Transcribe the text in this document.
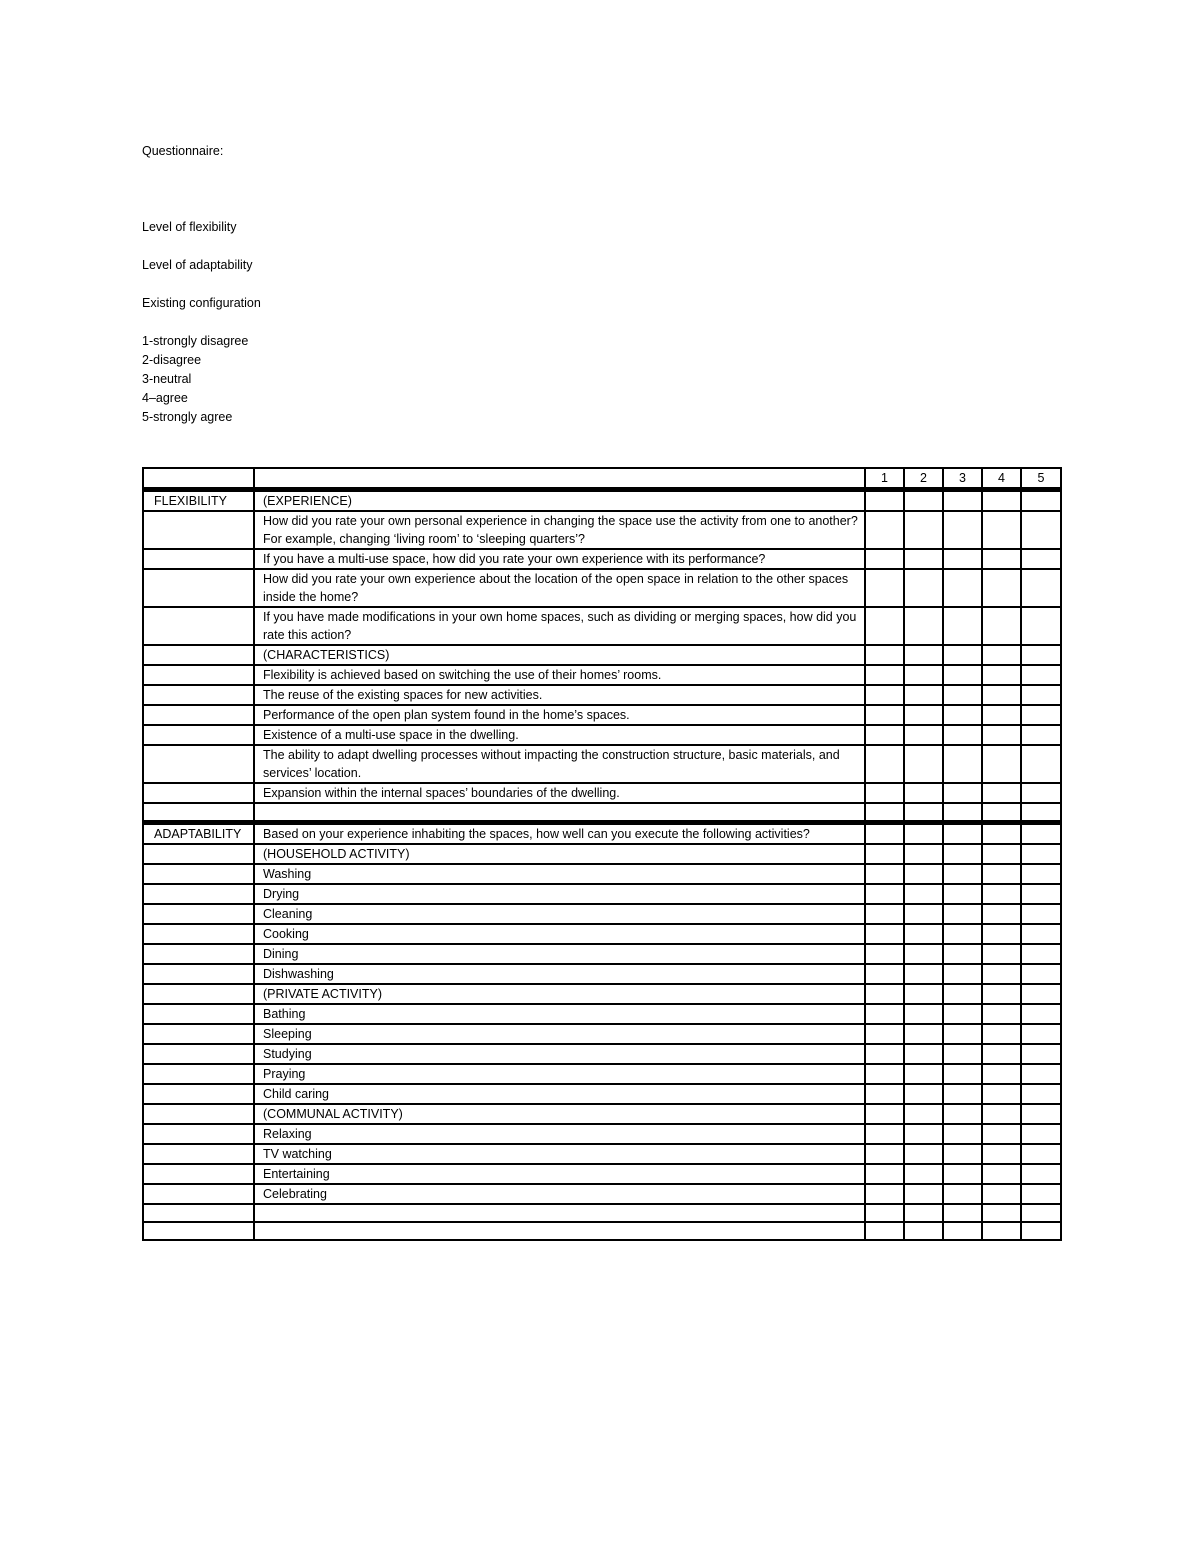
Questionnaire:

Level of flexibility

Level of adaptability

Existing configuration

1-strongly disagree

2-disagree

3-neutral

4–agree

5-strongly agree

		1	2	3	4	5
FLEXIBILITY	(EXPERIENCE)					
	How did you rate your own personal experience in changing the space use the activity from one to another? For example, changing ‘living room’ to ‘sleeping quarters’?					
	If you have a multi-use space, how did you rate your own experience with its performance?					
	How did you rate your own experience about the location of the open space in relation to the other spaces inside the home?					
	If you have made modifications in your own home spaces, such as dividing or merging spaces, how did you rate this action?					
	(CHARACTERISTICS)					
	Flexibility is achieved based on switching the use of their homes’ rooms.					
	The reuse of the existing spaces for new activities.					
	Performance of the open plan system found in the home’s spaces.					
	Existence of a multi-use space in the dwelling.					
	The ability to adapt dwelling processes without impacting the construction structure, basic materials, and services’ location.					
	Expansion within the internal spaces’ boundaries of the dwelling.					

ADAPTABILITY	Based on your experience inhabiting the spaces, how well can you execute the following activities?					
	(HOUSEHOLD ACTIVITY)					
	Washing					
	Drying					
	Cleaning					
	Cooking					
	Dining					
	Dishwashing					
	(PRIVATE ACTIVITY)					
	Bathing					
	Sleeping					
	Studying					
	Praying					
	Child caring					
	(COMMUNAL ACTIVITY)					
	Relaxing					
	TV watching					
	Entertaining					
	Celebrating					
